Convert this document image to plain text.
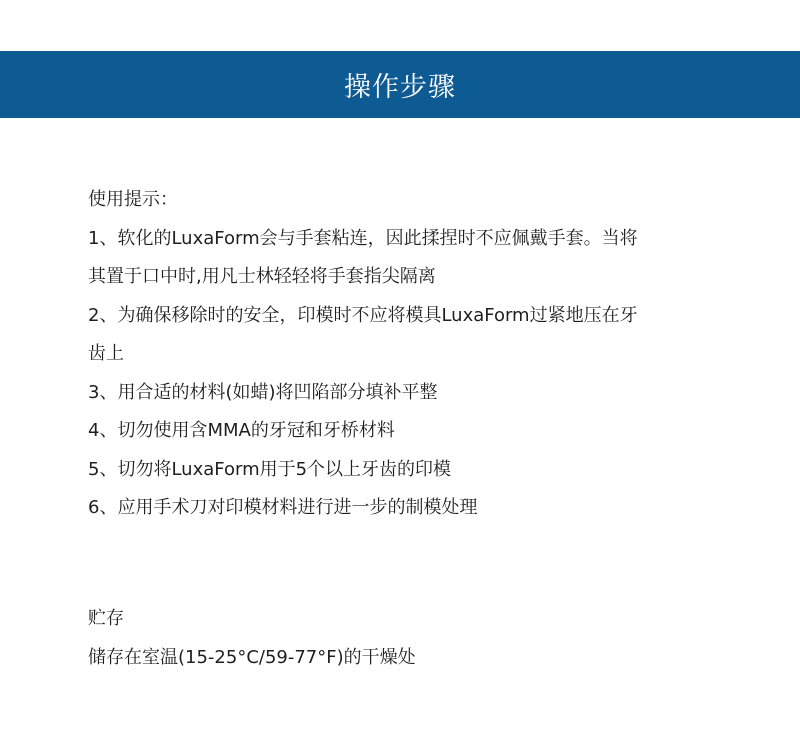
操作步骤
使用提示：
1、软化的LuxaForm会与手套粘连，因此揉捏时不应佩戴手套。当将
其置于口中时,用凡士林轻轻将手套指尖隔离
2、为确保移除时的安全，印模时不应将模具LuxaForm过紧地压在牙
齿上
3、用合适的材料(如蜡)将凹陷部分填补平整
4、切勿使用含MMA的牙冠和牙桥材料
5、切勿将LuxaForm用于5个以上牙齿的印模
6、应用手术刀对印模材料进行进一步的制模处理
贮存
储存在室温(15-25°C/59-77°F)的干燥处
